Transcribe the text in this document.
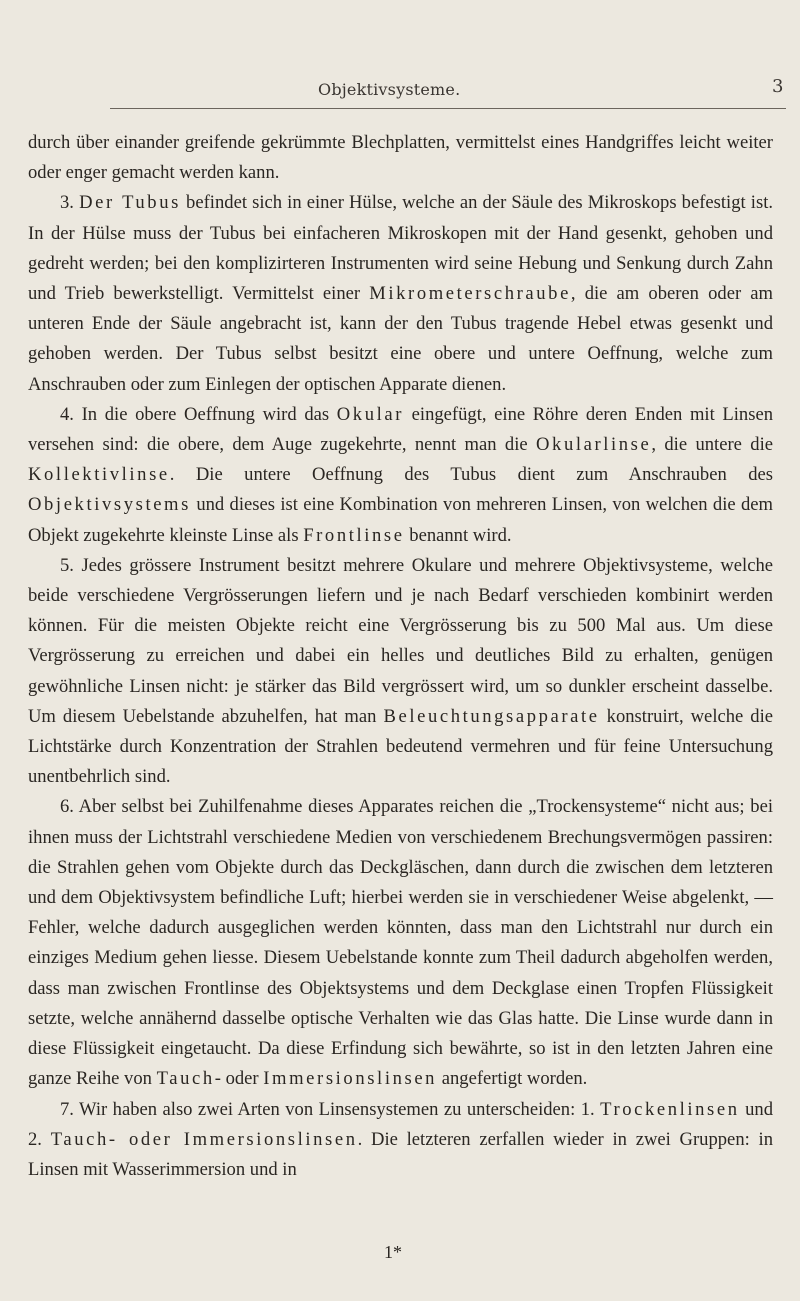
Objektivsysteme.	3

durch über einander greifende gekrümmte Blechplatten, vermittelst eines Handgriffes leicht weiter oder enger gemacht werden kann.

3. Der Tubus befindet sich in einer Hülse, welche an der Säule des Mikroskops befestigt ist. In der Hülse muss der Tubus bei einfacheren Mikroskopen mit der Hand gesenkt, gehoben und gedreht werden; bei den komplizirteren Instrumenten wird seine Hebung und Senkung durch Zahn und Trieb bewerkstelligt. Vermittelst einer Mikrometerschraube, die am oberen oder am unteren Ende der Säule angebracht ist, kann der den Tubus tragende Hebel etwas gesenkt und gehoben werden. Der Tubus selbst besitzt eine obere und untere Oeffnung, welche zum Anschrauben oder zum Einlegen der optischen Apparate dienen.

4. In die obere Oeffnung wird das Okular eingefügt, eine Röhre deren Enden mit Linsen versehen sind: die obere, dem Auge zugekehrte, nennt man die Okularlinse, die untere die Kollektivlinse. Die untere Oeffnung des Tubus dient zum Anschrauben des Objektivsystems und dieses ist eine Kombination von mehreren Linsen, von welchen die dem Objekt zugekehrte kleinste Linse als Frontlinse benannt wird.

5. Jedes grössere Instrument besitzt mehrere Okulare und mehrere Objektivsysteme, welche beide verschiedene Vergrösserungen liefern und je nach Bedarf verschieden kombinirt werden können. Für die meisten Objekte reicht eine Vergrösserung bis zu 500 Mal aus. Um diese Vergrösserung zu erreichen und dabei ein helles und deutliches Bild zu erhalten, genügen gewöhnliche Linsen nicht: je stärker das Bild vergrössert wird, um so dunkler erscheint dasselbe. Um diesem Uebelstande abzuhelfen, hat man Beleuchtungsapparate konstruirt, welche die Lichtstärke durch Konzentration der Strahlen bedeutend vermehren und für feine Untersuchung unentbehrlich sind.

6. Aber selbst bei Zuhilfenahme dieses Apparates reichen die „Trockensysteme“ nicht aus; bei ihnen muss der Lichtstrahl verschiedene Medien von verschiedenem Brechungsvermögen passiren: die Strahlen gehen vom Objekte durch das Deckgläschen, dann durch die zwischen dem letzteren und dem Objektivsystem befindliche Luft; hierbei werden sie in verschiedener Weise abgelenkt, — Fehler, welche dadurch ausgeglichen werden könnten, dass man den Lichtstrahl nur durch ein einziges Medium gehen liesse. Diesem Uebelstande konnte zum Theil dadurch abgeholfen werden, dass man zwischen Frontlinse des Objektsystems und dem Deckglase einen Tropfen Flüssigkeit setzte, welche annähernd dasselbe optische Verhalten wie das Glas hatte. Die Linse wurde dann in diese Flüssigkeit eingetaucht. Da diese Erfindung sich bewährte, so ist in den letzten Jahren eine ganze Reihe von Tauch- oder Immersionslinsen angefertigt worden.

7. Wir haben also zwei Arten von Linsensystemen zu unterscheiden: 1. Trockenlinsen und 2. Tauch- oder Immersionslinsen. Die letzteren zerfallen wieder in zwei Gruppen: in Linsen mit Wasserimmersion und in

1*
